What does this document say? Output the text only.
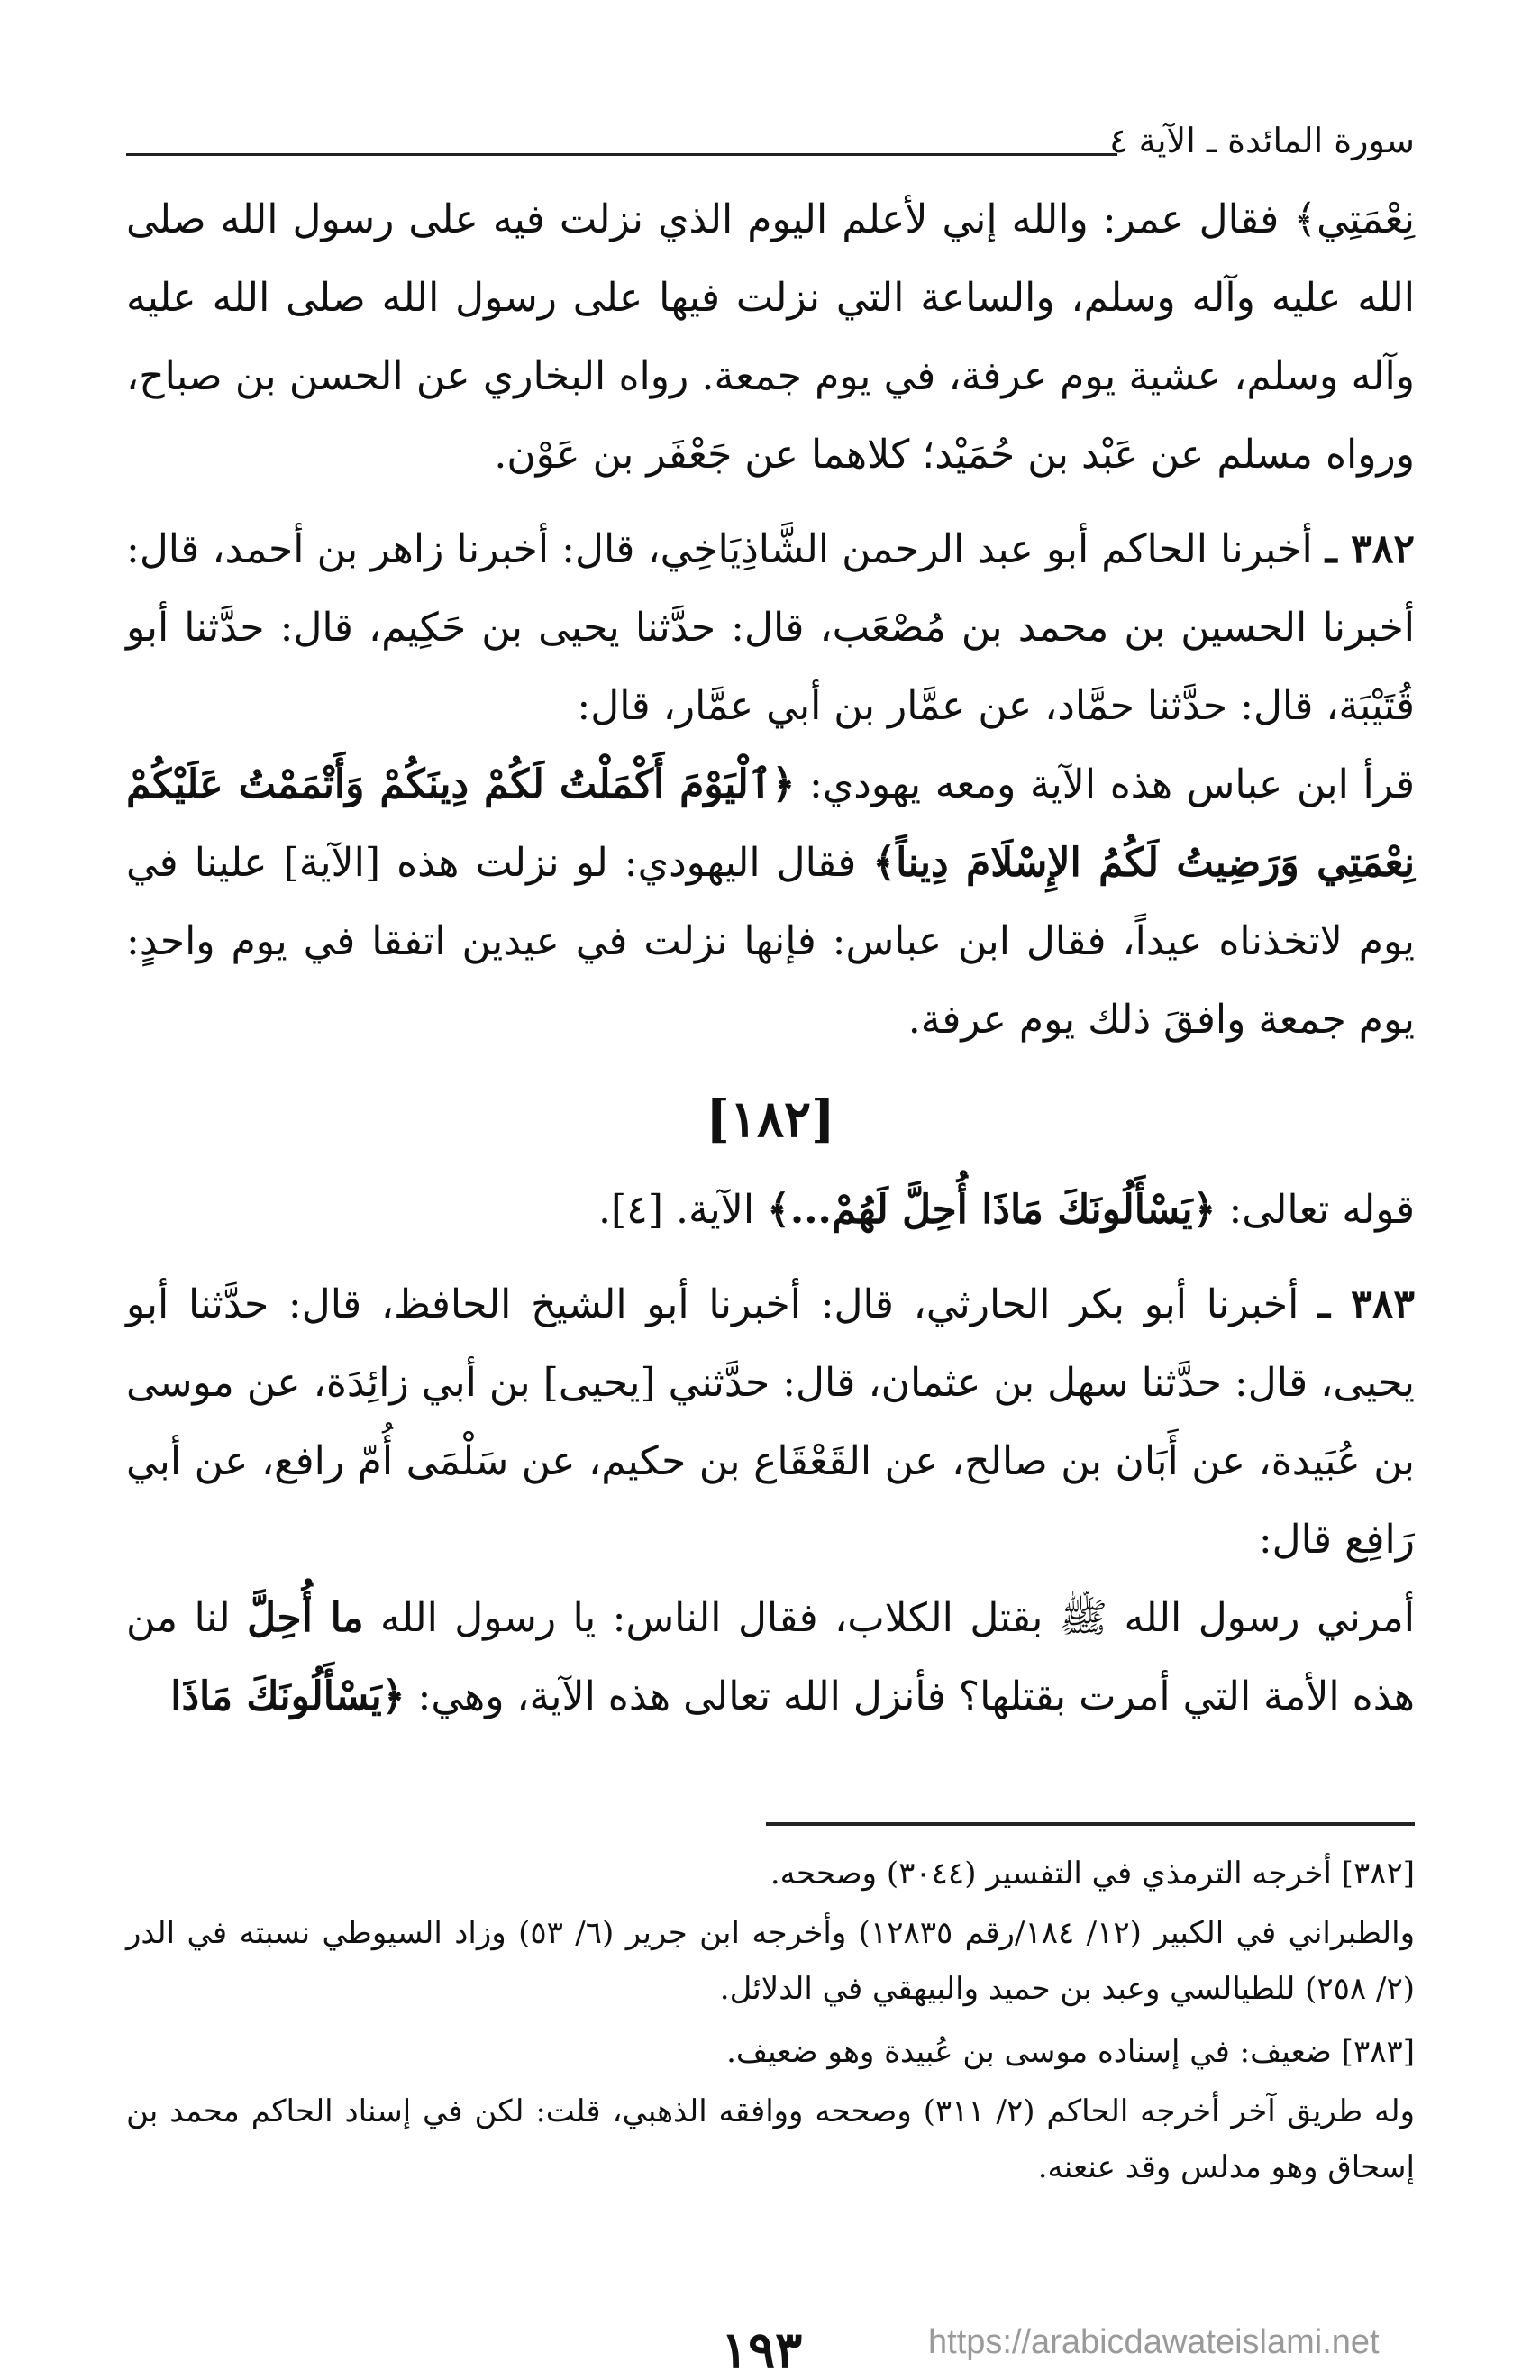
سورة المائدة ـ الآية ٤

نِعْمَتِي﴾ فقال عمر: والله إني لأعلم اليوم الذي نزلت فيه على رسول الله صلى الله عليه وآله وسلم، والساعة التي نزلت فيها على رسول الله صلى الله عليه وآله وسلم، عشية يوم عرفة، في يوم جمعة. رواه البخاري عن الحسن بن صباح، ورواه مسلم عن عَبْد بن حُمَيْد؛ كلاهما عن جَعْفَر بن عَوْن.

٣٨٢ ـ أخبرنا الحاكم أبو عبد الرحمن الشَّاذِيَاخِي، قال: أخبرنا زاهر بن أحمد، قال: أخبرنا الحسين بن محمد بن مُصْعَب، قال: حدَّثنا يحيى بن حَكِيم، قال: حدَّثنا أبو قُتَيْبَة، قال: حدَّثنا حمَّاد، عن عمَّار بن أبي عمَّار، قال:

قرأ ابن عباس هذه الآية ومعه يهودي: ﴿ٱلْيَوْمَ أَكْمَلْتُ لَكُمْ دِينَكُمْ وَأَتْمَمْتُ عَلَيْكُمْ نِعْمَتِي وَرَضِيتُ لَكُمُ الإِسْلَامَ دِيناً﴾ فقال اليهودي: لو نزلت هذه [الآية] علينا في يوم لاتخذناه عيداً، فقال ابن عباس: فإنها نزلت في عيدين اتفقا في يوم واحدٍ: يوم جمعة وافقَ ذلك يوم عرفة.

[١٨٢]

قوله تعالى: ﴿يَسْأَلُونَكَ مَاذَا أُحِلَّ لَهُمْ...﴾ الآية. [٤].

٣٨٣ ـ أخبرنا أبو بكر الحارثي، قال: أخبرنا أبو الشيخ الحافظ، قال: حدَّثنا أبو يحيى، قال: حدَّثنا سهل بن عثمان، قال: حدَّثني [يحيى] بن أبي زائِدَة، عن موسى بن عُبَيدة، عن أَبَان بن صالح، عن القَعْقَاع بن حكيم، عن سَلْمَى أُمّ رافع، عن أبي رَافِع قال:

أمرني رسول الله ﷺ بقتل الكلاب، فقال الناس: يا رسول الله ما أُحِلَّ لنا من هذه الأمة التي أمرت بقتلها؟ فأنزل الله تعالى هذه الآية، وهي: ﴿يَسْأَلُونَكَ مَاذَا

[٣٨٢] أخرجه الترمذي في التفسير (٣٠٤٤) وصححه.

والطبراني في الكبير (١٢/ ١٨٤/رقم ١٢٨٣٥) وأخرجه ابن جرير (٦/ ٥٣) وزاد السيوطي نسبته في الدر (٢/ ٢٥٨) للطيالسي وعبد بن حميد والبيهقي في الدلائل.

[٣٨٣] ضعيف: في إسناده موسى بن عُبيدة وهو ضعيف.

وله طريق آخر أخرجه الحاكم (٢/ ٣١١) وصححه ووافقه الذهبي، قلت: لكن في إسناد الحاكم محمد بن إسحاق وهو مدلس وقد عنعنه.

١٩٣	https://arabicdawateislami.net
